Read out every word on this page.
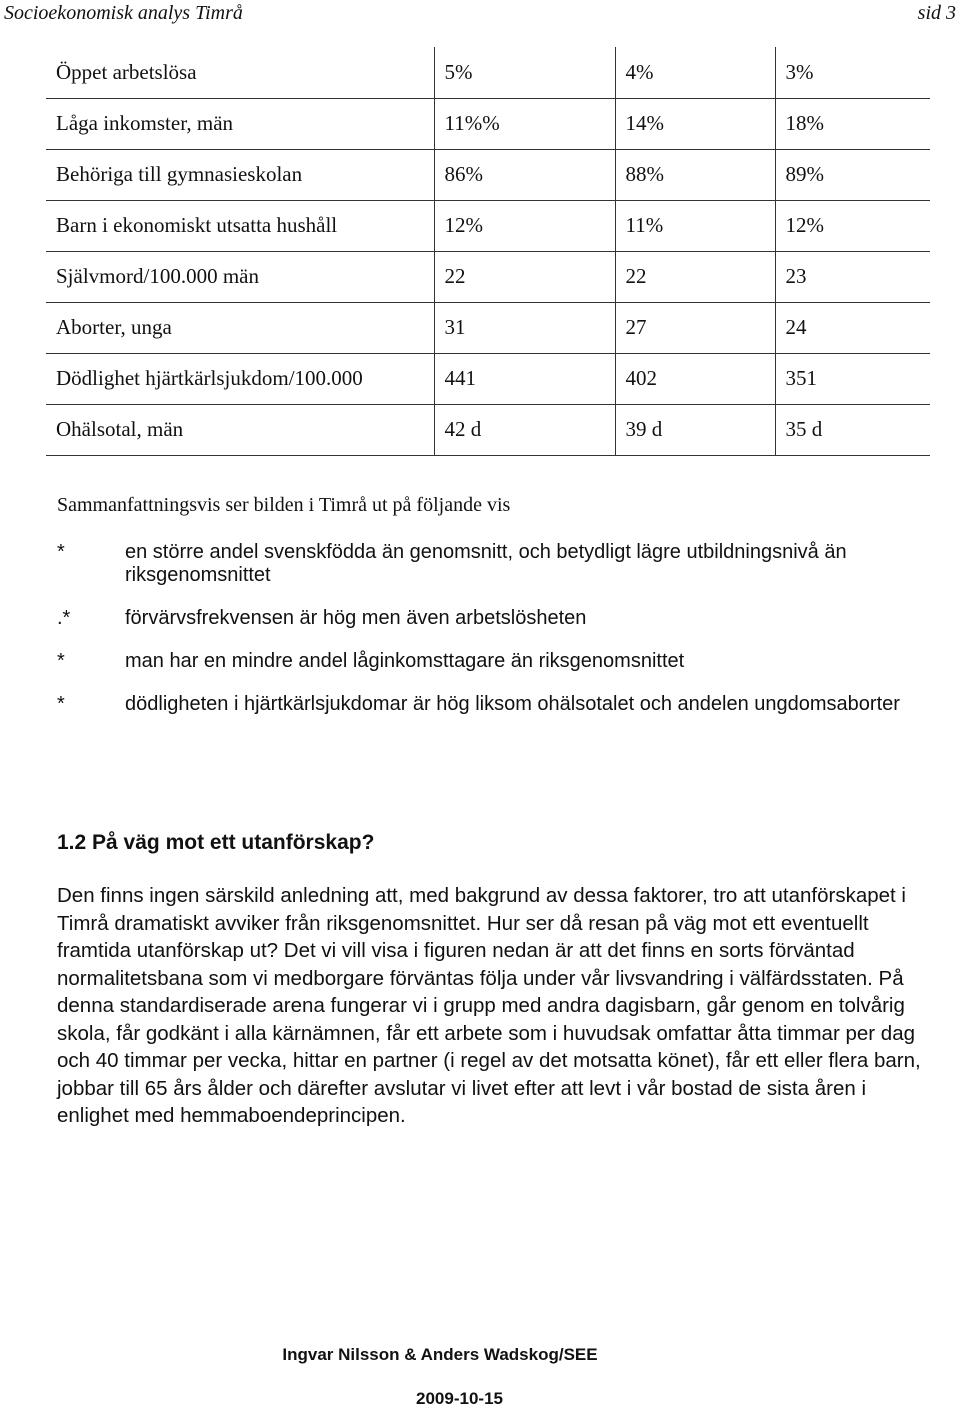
Socioekonomisk analys Timrå	sid 3
Öppet arbetslösa	5%	4%	3%
Låga inkomster, män	11%%	14%	18%
Behöriga till gymnasieskolan	86%	88%	89%
Barn i ekonomiskt utsatta hushåll	12%	11%	12%
Självmord/100.000 män	22	22	23
Aborter, unga	31	27	24
Dödlighet hjärtkärlsjukdom/100.000	441	402	351
Ohälsotal, män	42 d	39 d	35 d
Sammanfattningsvis ser bilden i Timrå ut på följande vis
*	en större andel svenskfödda än genomsnitt, och betydligt lägre utbildningsnivå än riksgenomsnittet
.*	förvärvsfrekvensen är hög men även arbetslösheten
*	man har en mindre andel låginkomsttagare än riksgenomsnittet
*	dödligheten i hjärtkärlsjukdomar är hög liksom ohälsotalet och andelen ungdomsaborter
1.2 På väg mot ett utanförskap?
Den finns ingen särskild anledning att, med bakgrund av dessa faktorer, tro att utanförskapet i Timrå dramatiskt avviker från riksgenomsnittet. Hur ser då resan på väg mot ett eventuellt framtida utanförskap ut? Det vi vill visa i figuren nedan är att det finns en sorts förväntad normalitetsbana som vi medborgare förväntas följa under vår livsvandring i välfärdsstaten. På denna standardiserade arena fungerar vi i grupp med andra dagisbarn, går genom en tolvårig skola, får godkänt i alla kärnämnen, får ett arbete som i huvudsak omfattar åtta timmar per dag och 40 timmar per vecka, hittar en partner (i regel av det motsatta könet), får ett eller flera barn, jobbar till 65 års ålder och därefter avslutar vi livet efter att levt i vår bostad de sista åren i enlighet med hemmaboendeprincipen.
Ingvar Nilsson & Anders Wadskog/SEE
2009-10-15
